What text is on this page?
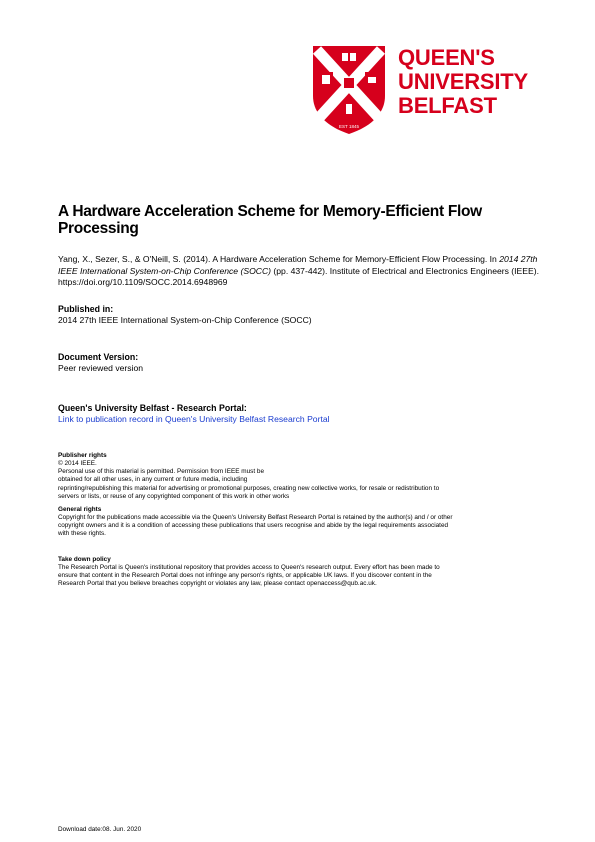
EST 1845
QUEEN'S
UNIVERSITY
BELFAST
A Hardware Acceleration Scheme for Memory-Efficient Flow Processing
Yang, X., Sezer, S., & O'Neill, S. (2014). A Hardware Acceleration Scheme for Memory-Efficient Flow Processing. In 2014 27th IEEE International System-on-Chip Conference (SOCC) (pp. 437-442). Institute of Electrical and Electronics Engineers (IEEE). https://doi.org/10.1109/SOCC.2014.6948969
Published in:
2014 27th IEEE International System-on-Chip Conference (SOCC)
Document Version:
Peer reviewed version
Queen's University Belfast - Research Portal:
Link to publication record in Queen's University Belfast Research Portal
Publisher rights
© 2014 IEEE.
Personal use of this material is permitted. Permission from IEEE must be
obtained for all other uses, in any current or future media, including
reprinting/republishing this material for advertising or promotional purposes, creating new collective works, for resale or redistribution to
servers or lists, or reuse of any copyrighted component of this work in other works
General rights
Copyright for the publications made accessible via the Queen's University Belfast Research Portal is retained by the author(s) and / or other
copyright owners and it is a condition of accessing these publications that users recognise and abide by the legal requirements associated
with these rights.
Take down policy
The Research Portal is Queen's institutional repository that provides access to Queen's research output. Every effort has been made to
ensure that content in the Research Portal does not infringe any person's rights, or applicable UK laws. If you discover content in the
Research Portal that you believe breaches copyright or violates any law, please contact openaccess@qub.ac.uk.
Download date:08. Jun. 2020
